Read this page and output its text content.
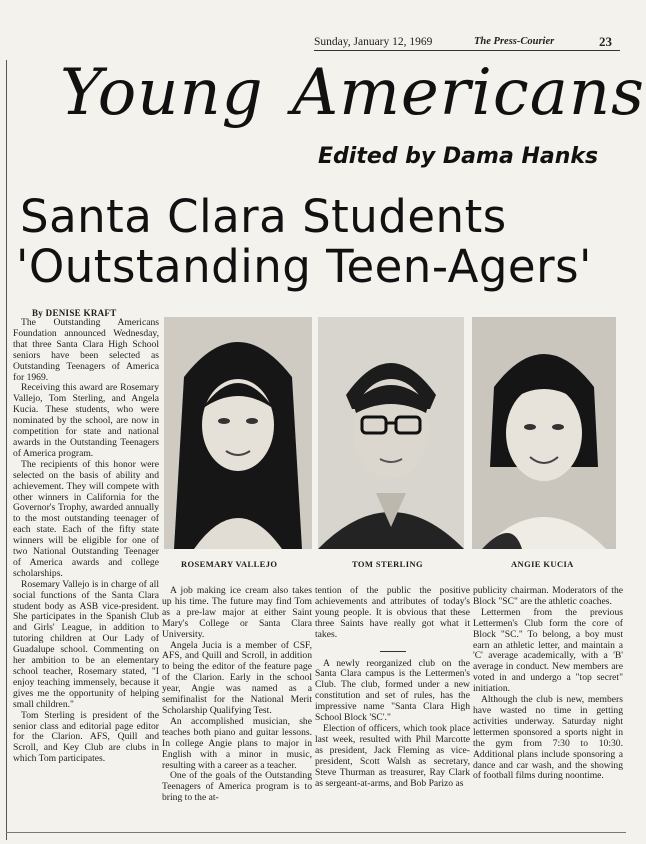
Sunday, January 12, 1969	The Press-Courier	23
Young Americans
Edited by Dama Hanks
Santa Clara Students
'Outstanding Teen-Agers'
By DENISE KRAFT

The Outstanding Americans Foundation announced Wednesday, that three Santa Clara High School seniors have been selected as Outstanding Teenagers of America for 1969.

Receiving this award are Rosemary Vallejo, Tom Sterling, and Angela Kucia. These students, who were nominated by the school, are now in competition for state and national awards in the Outstanding Teenagers of America program.

The recipients of this honor were selected on the basis of ability and achievement. They will compete with other winners in California for the Governor's Trophy, awarded annually to the most outstanding teenager of each state. Each of the fifty state winners will be eligible for one of two National Outstanding Teenager of America awards and college scholarships.

Rosemary Vallejo is in charge of all social functions of the Santa Clara student body as ASB vice-president. She participates in the Spanish Club and Girls' League, in addition to tutoring children at Our Lady of Guadalupe school. Commenting on her ambition to be an elementary school teacher, Rosemary stated, "I enjoy teaching immensely, because it gives me the opportunity of helping small children."

Tom Sterling is president of the senior class and editorial page editor for the Clarion. AFS, Quill and Scroll, and Key Club are clubs in which Tom participates.

ROSEMARY VALLEJO	TOM STERLING	ANGIE KUCIA

A job making ice cream also takes up his time. The future may find Tom as a pre-law major at either Saint Mary's College or Santa Clara University.

Angela Jucia is a member of CSF, AFS, and Quill and Scroll, in addition to being the editor of the feature page of the Clarion. Early in the school year, Angie was named as a semifinalist for the National Merit Scholarship Qualifying Test.

An accomplished musician, she teaches both piano and guitar lessons. In college Angie plans to major in English with a minor in music, resulting with a career as a teacher.

One of the goals of the Outstanding Teenagers of America program is to bring to the at-

tention of the public the positive achievements and attributes of today's young people. It is obvious that these three Saints have really got what it takes.

A newly reorganized club on the Santa Clara campus is the Lettermen's Club. The club, formed under a new constitution and set of rules, has the impressive name "Santa Clara High School Block 'SC'."

Election of officers, which took place last week, resulted with Phil Marcotte as president, Jack Fleming as vice-president, Scott Walsh as secretary, Steve Thurman as treasurer, Ray Clark as sergeant-at-arms, and Bob Parizo as

publicity chairman. Moderators of the Block "SC" are the athletic coaches.

Lettermen from the previous Lettermen's Club form the core of Block "SC." To belong, a boy must earn an athletic letter, and maintain a 'C' average academically, with a 'B' average in conduct. New members are voted in and undergo a "top secret" initiation.

Although the club is new, members have wasted no time in getting activities underway. Saturday night lettermen sponsored a sports night in the gym from 7:30 to 10:30. Additional plans include sponsoring a dance and car wash, and the showing of football films during noontime.
